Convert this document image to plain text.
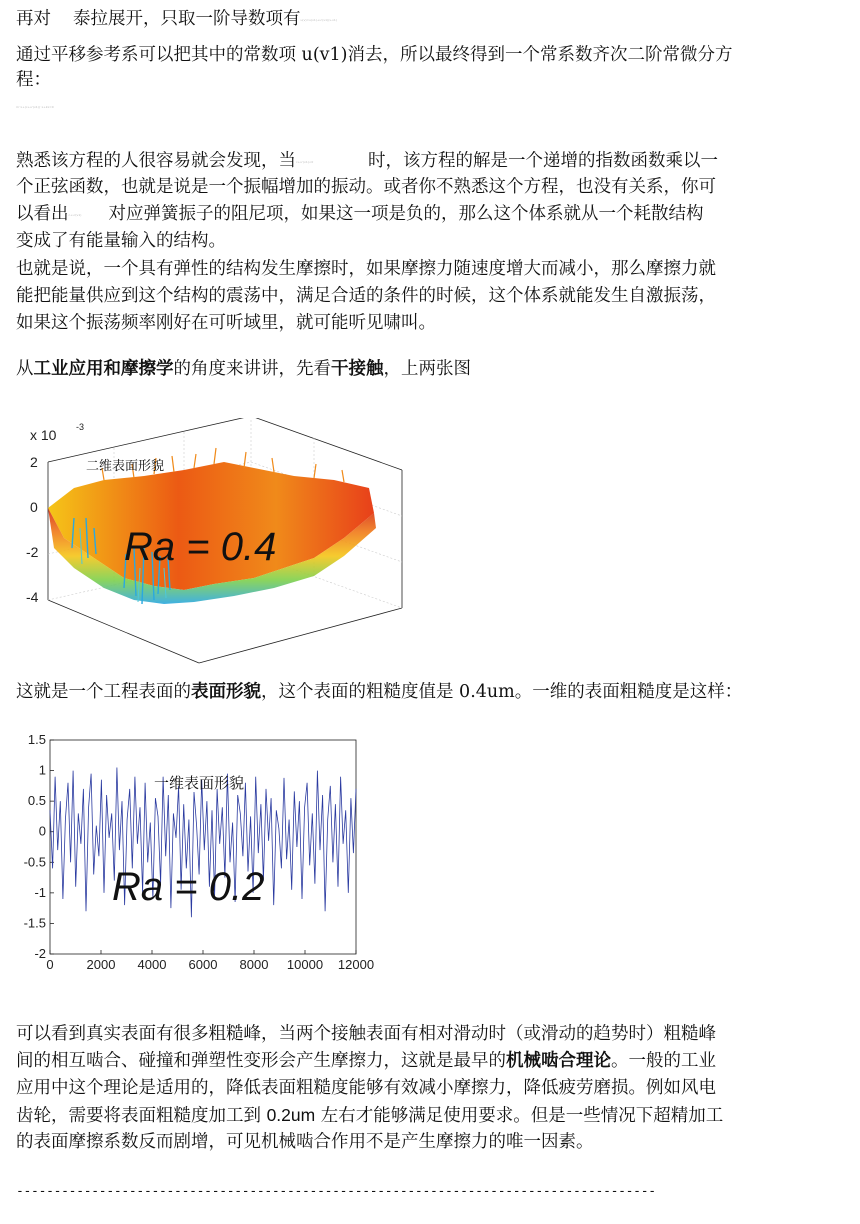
再对 泰拉展开，只取一阶导数项有u(v)=u(v1)+u'(v1)(v-v1)
通过平移参考系可以把其中的常数项 u(v1)消去，所以最终得到一个常系数齐次二阶常微分方
程：
m¨x+(c+u'(v1))˙x+kx=0
熟悉该方程的人很容易就会发现，当c+u'(v1)<0	时，该方程的解是一个递增的指数函数乘以一
个正弦函数，也就是说是一个振幅增加的振动。或者你不熟悉这个方程，也没有关系，你可
以看出c+u'(v1) 对应弹簧振子的阻尼项，如果这一项是负的，那么这个体系就从一个耗散结构
变成了有能量输入的结构。
也就是说，一个具有弹性的结构发生摩擦时，如果摩擦力随速度增大而减小，那么摩擦力就
能把能量供应到这个结构的震荡中，满足合适的条件的时候，这个体系就能发生自激振荡，
如果这个振荡频率刚好在可听域里，就可能听见啸叫。
从工业应用和摩擦学的角度来讲讲，先看干接触，上两张图
x 10 -3
2
0
-2
-4
二维表面形貌
Ra = 0.4
这就是一个工程表面的表面形貌，这个表面的粗糙度值是 0.4um。一维的表面粗糙度是这样：
1.5
1
0.5
0
-0.5
-1
-1.5
-2
0	2000 4000 6000 8000 10000 12000
一维表面形貌
Ra = 0.2
可以看到真实表面有很多粗糙峰，当两个接触表面有相对滑动时（或滑动的趋势时）粗糙峰
间的相互啮合、碰撞和弹塑性变形会产生摩擦力，这就是最早的机械啮合理论。一般的工业
应用中这个理论是适用的，降低表面粗糙度能够有效减小摩擦力，降低疲劳磨损。例如风电
齿轮，需要将表面粗糙度加工到 0.2um 左右才能够满足使用要求。但是一些情况下超精加工
的表面摩擦系数反而剧增，可见机械啮合作用不是产生摩擦力的唯一因素。
-------------------------------------------------------------------------------------
